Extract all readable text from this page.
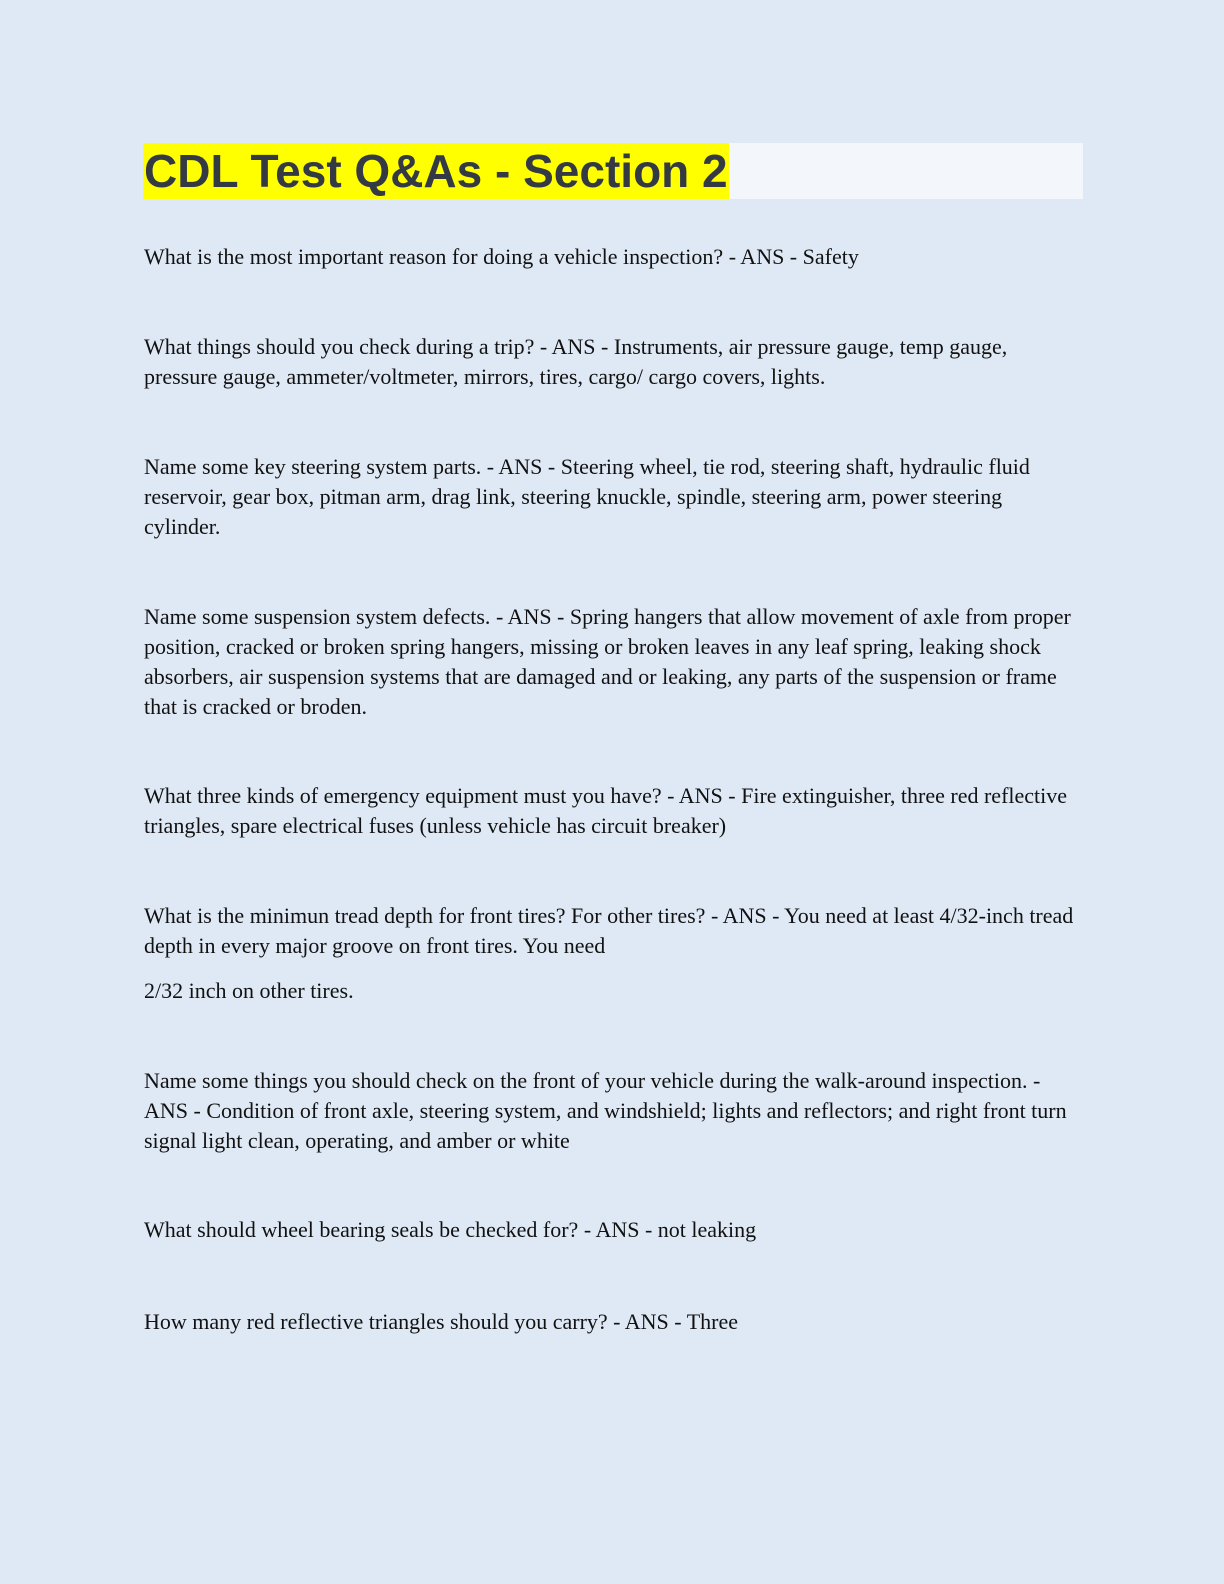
CDL Test Q&As - Section 2

What is the most important reason for doing a vehicle inspection? - ANS - Safety

What things should you check during a trip? - ANS - Instruments, air pressure gauge, temp gauge, pressure gauge, ammeter/voltmeter, mirrors, tires, cargo/ cargo covers, lights.

Name some key steering system parts. - ANS - Steering wheel, tie rod, steering shaft, hydraulic fluid reservoir, gear box, pitman arm, drag link, steering knuckle, spindle, steering arm, power steering cylinder.

Name some suspension system defects. - ANS - Spring hangers that allow movement of axle from proper position, cracked or broken spring hangers, missing or broken leaves in any leaf spring, leaking shock absorbers, air suspension systems that are damaged and or leaking, any parts of the suspension or frame that is cracked or broden.

What three kinds of emergency equipment must you have? - ANS - Fire extinguisher, three red reflective triangles, spare electrical fuses (unless vehicle has circuit breaker)

What is the minimun tread depth for front tires? For other tires? - ANS - You need at least 4/32-inch tread depth in every major groove on front tires. You need

2/32 inch on other tires.

Name some things you should check on the front of your vehicle during the walk-around inspection. - ANS - Condition of front axle, steering system, and windshield; lights and reflectors; and right front turn signal light clean, operating, and amber or white

What should wheel bearing seals be checked for? - ANS - not leaking

How many red reflective triangles should you carry? - ANS - Three
